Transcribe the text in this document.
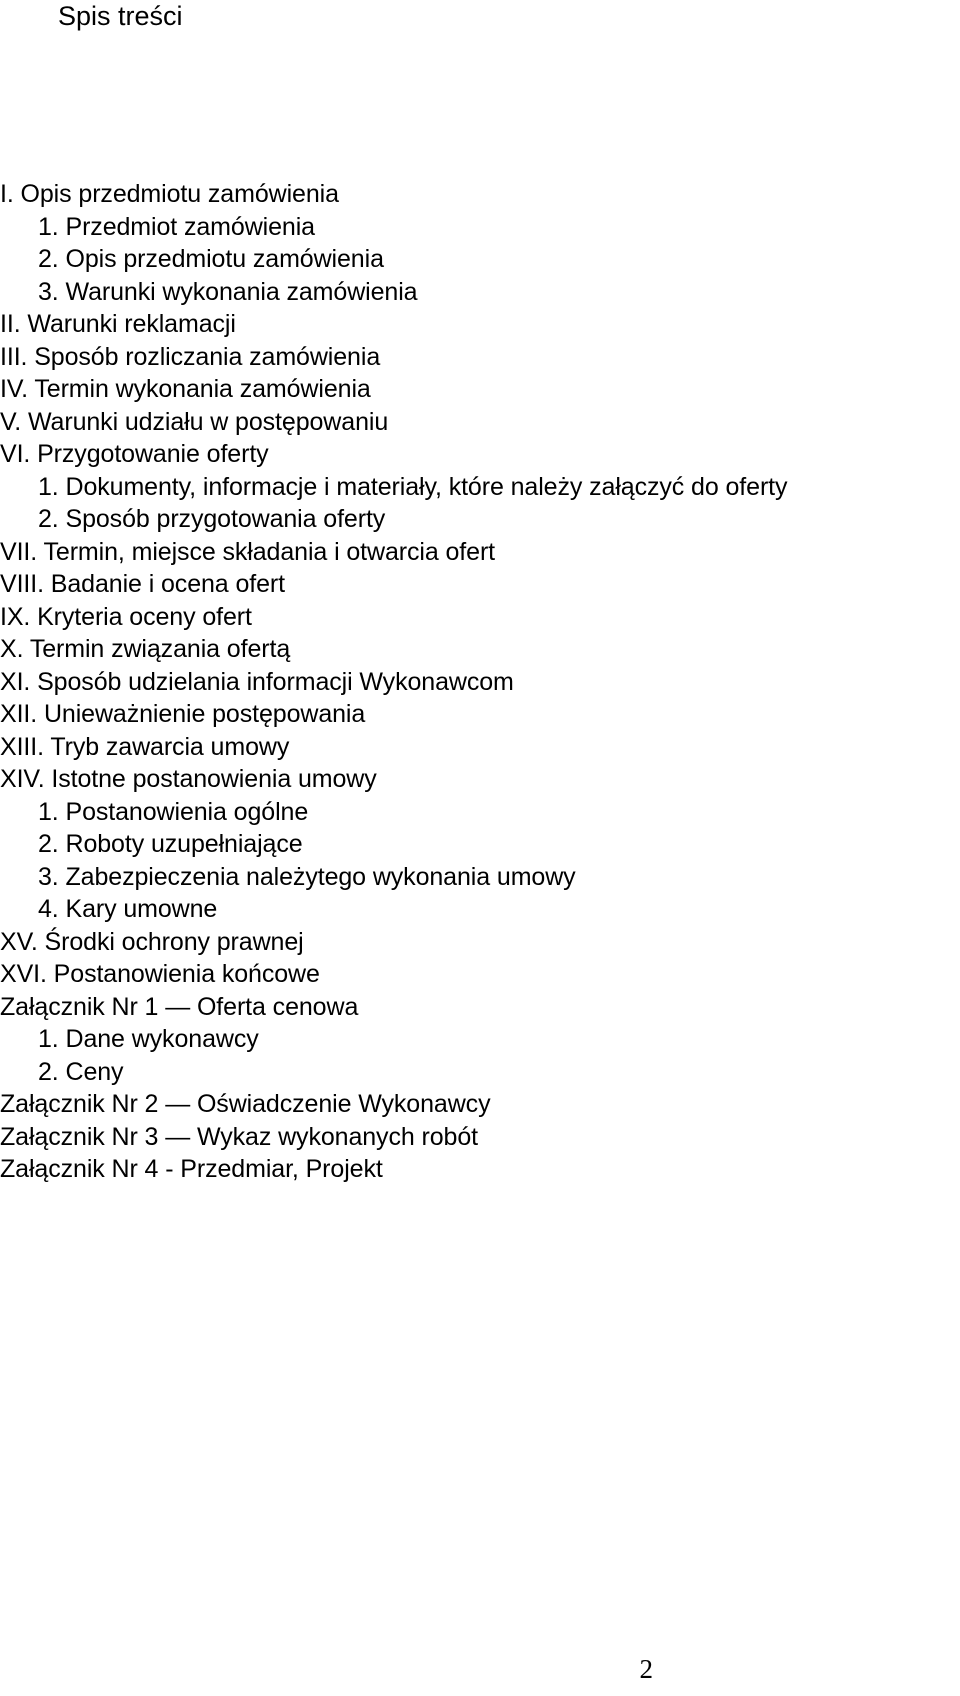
Spis treści
I. Opis przedmiotu zamówienia
1. Przedmiot zamówienia
2. Opis przedmiotu zamówienia
3. Warunki wykonania zamówienia
II. Warunki reklamacji
III. Sposób rozliczania zamówienia
IV. Termin wykonania zamówienia
V. Warunki udziału w postępowaniu
VI. Przygotowanie oferty
1. Dokumenty, informacje i materiały, które należy załączyć do oferty
2. Sposób przygotowania oferty
VII. Termin, miejsce składania i otwarcia ofert
VIII. Badanie i ocena ofert
IX. Kryteria oceny ofert
X. Termin związania ofertą
XI. Sposób udzielania informacji Wykonawcom
XII. Unieważnienie postępowania
XIII. Tryb zawarcia umowy
XIV. Istotne postanowienia umowy
1. Postanowienia ogólne
2. Roboty uzupełniające
3. Zabezpieczenia należytego wykonania umowy
4. Kary umowne
XV. Środki ochrony prawnej
XVI. Postanowienia końcowe
Załącznik Nr 1 — Oferta cenowa
1. Dane wykonawcy
2. Ceny
Załącznik Nr 2 — Oświadczenie Wykonawcy
Załącznik Nr 3 — Wykaz wykonanych robót
Załącznik Nr 4 - Przedmiar, Projekt
2
